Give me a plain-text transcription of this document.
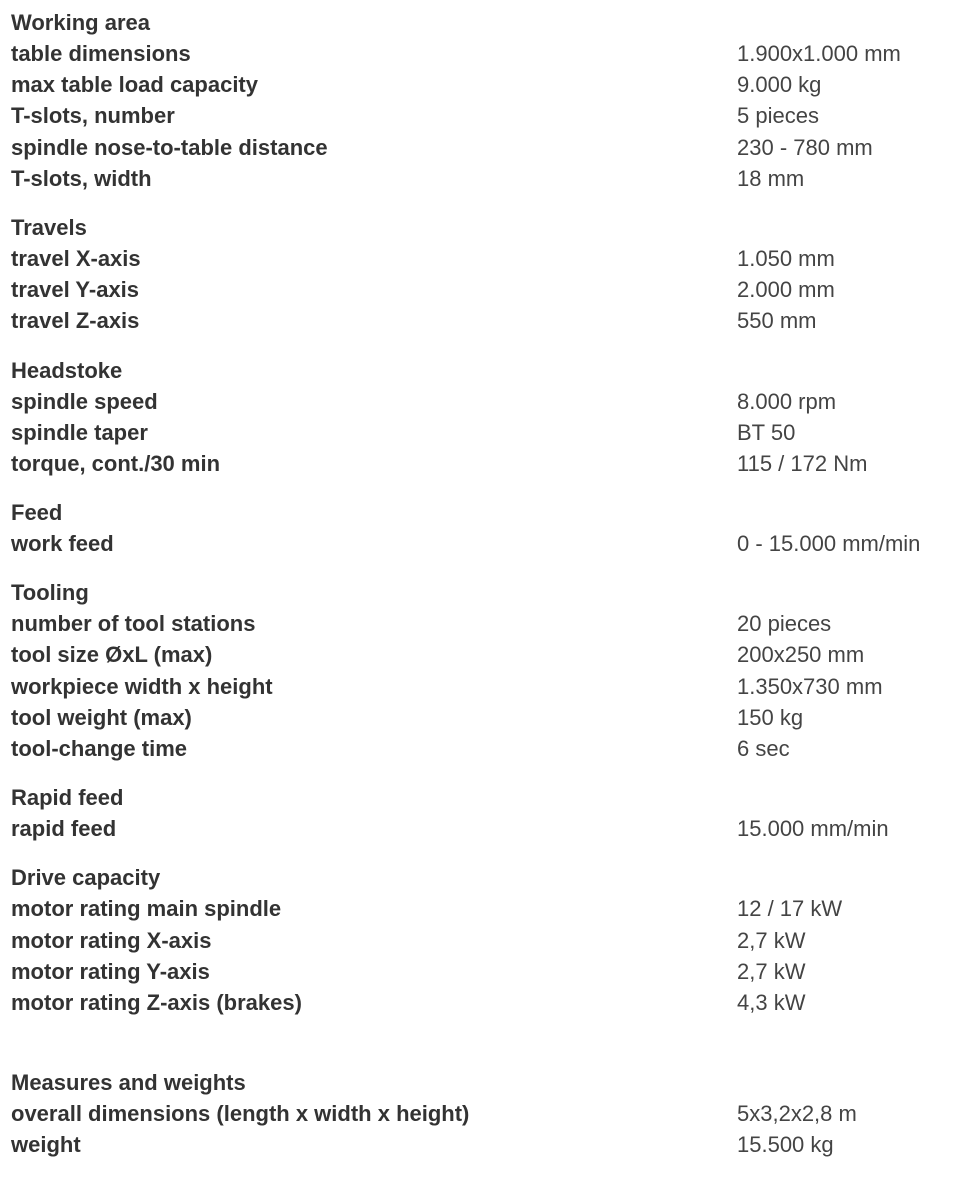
Working area
table dimensions	1.900x1.000 mm
max table load capacity	9.000 kg
T-slots, number	5 pieces
spindle nose-to-table distance	230 - 780 mm
T-slots, width	18 mm
Travels
travel X-axis	1.050 mm
travel Y-axis	2.000 mm
travel Z-axis	550 mm
Headstoke
spindle speed	8.000 rpm
spindle taper	BT 50
torque, cont./30 min	115 / 172 Nm
Feed
work feed	0 - 15.000 mm/min
Tooling
number of tool stations	20 pieces
tool size ØxL (max)	200x250 mm
workpiece width x height	1.350x730 mm
tool weight (max)	150 kg
tool-change time	6 sec
Rapid feed
rapid feed	15.000 mm/min
Drive capacity
motor rating main spindle	12 / 17 kW
motor rating X-axis	2,7 kW
motor rating Y-axis	2,7 kW
motor rating Z-axis (brakes)	4,3 kW
Measures and weights
overall dimensions (length x width x height)	5x3,2x2,8 m
weight	15.500 kg
